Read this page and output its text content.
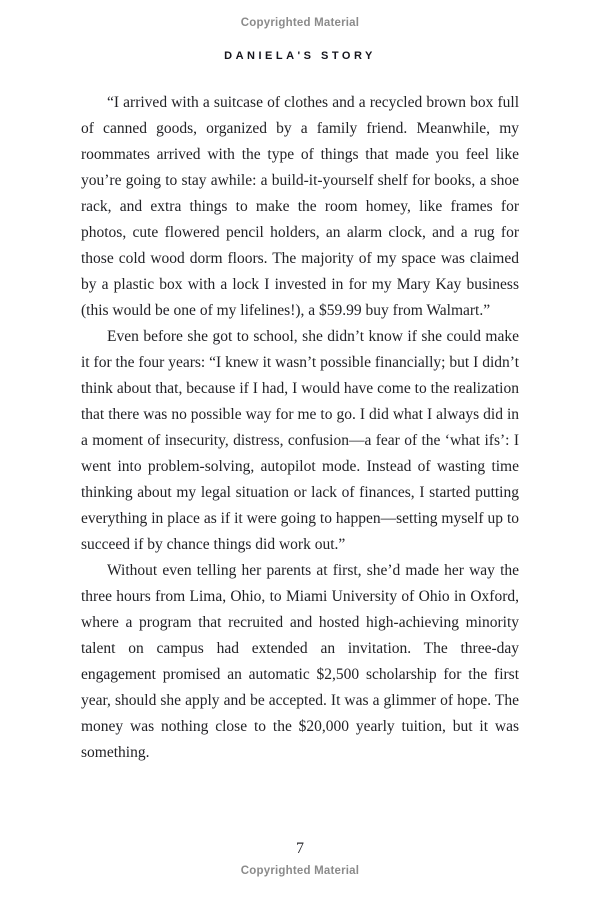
Copyrighted Material
DANIELA'S STORY

“I arrived with a suitcase of clothes and a recycled brown box full of canned goods, organized by a family friend. Meanwhile, my roommates arrived with the type of things that made you feel like you’re going to stay awhile: a build-it-yourself shelf for books, a shoe rack, and extra things to make the room homey, like frames for photos, cute flowered pencil holders, an alarm clock, and a rug for those cold wood dorm floors. The majority of my space was claimed by a plastic box with a lock I invested in for my Mary Kay business (this would be one of my lifelines!), a $59.99 buy from Walmart.”

Even before she got to school, she didn’t know if she could make it for the four years: “I knew it wasn’t possible financially; but I didn’t think about that, because if I had, I would have come to the realization that there was no possible way for me to go. I did what I always did in a moment of insecurity, distress, confusion—a fear of the ‘what ifs’: I went into problem-solving, autopilot mode. Instead of wasting time thinking about my legal situation or lack of finances, I started putting everything in place as if it were going to happen—setting myself up to succeed if by chance things did work out.”

Without even telling her parents at first, she’d made her way the three hours from Lima, Ohio, to Miami University of Ohio in Oxford, where a program that recruited and hosted high-achieving minority talent on campus had extended an invitation. The three-day engagement promised an automatic $2,500 scholarship for the first year, should she apply and be accepted. It was a glimmer of hope. The money was nothing close to the $20,000 yearly tuition, but it was something.

7
Copyrighted Material
